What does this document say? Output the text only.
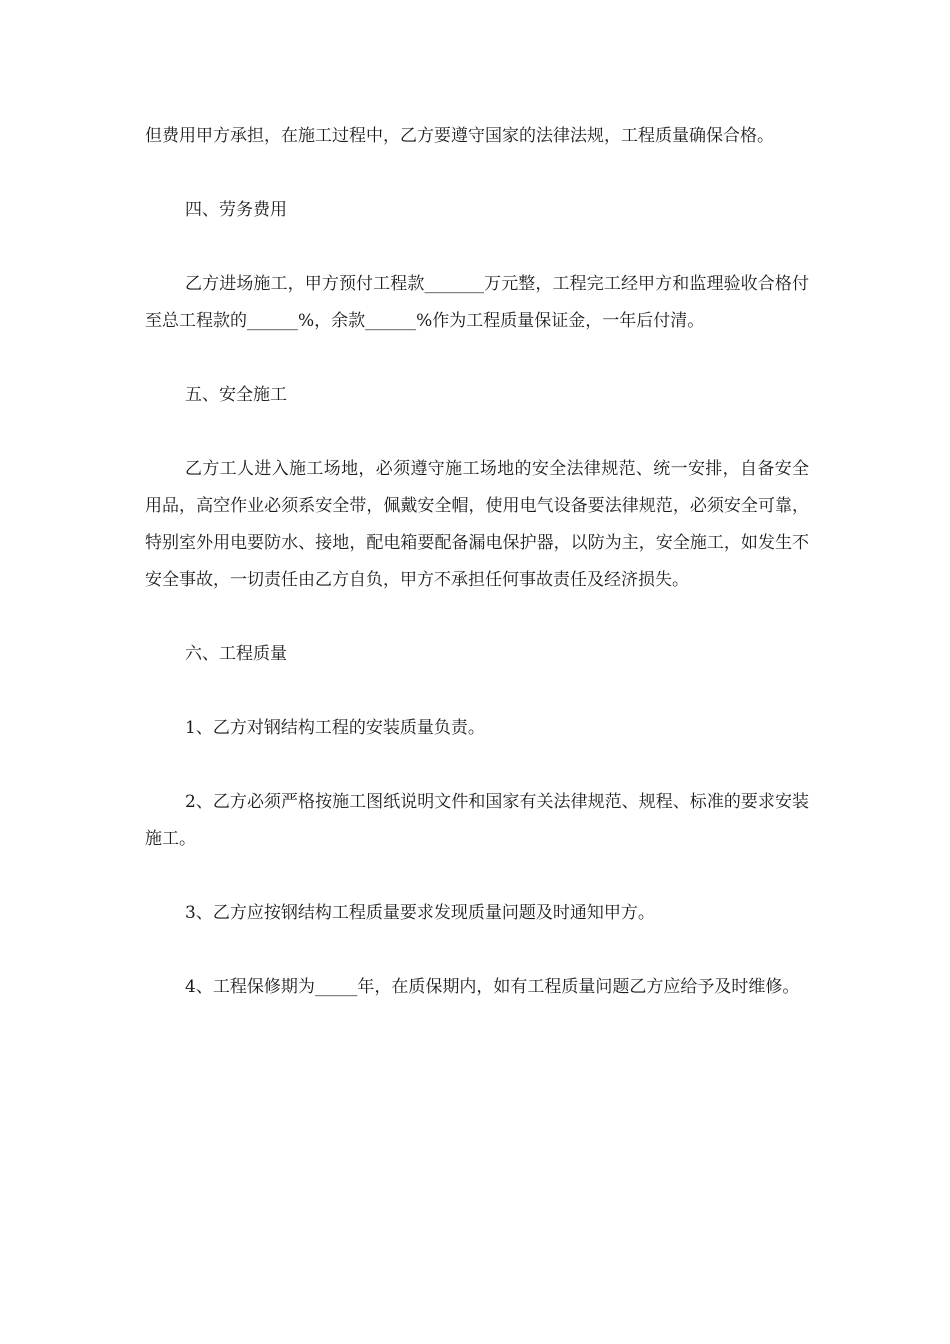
但费用甲方承担，在施工过程中，乙方要遵守国家的法律法规，工程质量确保合格。

四、劳务费用

乙方进场施工，甲方预付工程款_______万元整，工程完工经甲方和监理验收合格付至总工程款的______%，余款______%作为工程质量保证金，一年后付清。

五、安全施工

乙方工人进入施工场地，必须遵守施工场地的安全法律规范、统一安排，自备安全用品，高空作业必须系安全带，佩戴安全帽，使用电气设备要法律规范，必须安全可靠，特别室外用电要防水、接地，配电箱要配备漏电保护器，以防为主，安全施工，如发生不安全事故，一切责任由乙方自负，甲方不承担任何事故责任及经济损失。

六、工程质量

1、乙方对钢结构工程的安装质量负责。

2、乙方必须严格按施工图纸说明文件和国家有关法律规范、规程、标准的要求安装施工。

3、乙方应按钢结构工程质量要求发现质量问题及时通知甲方。

4、工程保修期为_____年，在质保期内，如有工程质量问题乙方应给予及时维修。
